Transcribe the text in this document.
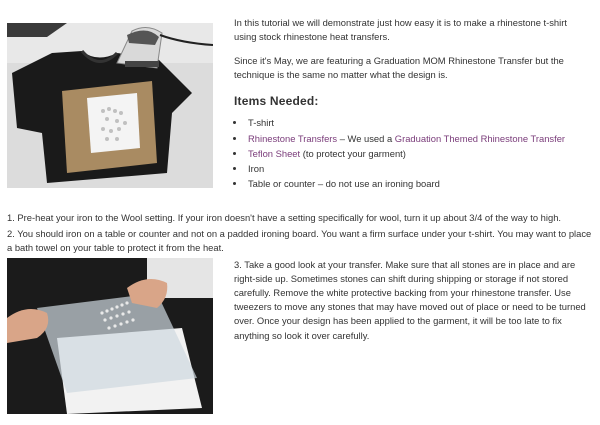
In this tutorial we will demonstrate just how easy it is to make a rhinestone t-shirt using stock rhinestone heat transfers.

Since it's May, we are featuring a Graduation MOM Rhinestone Transfer but the technique is the same no matter what the design is.

Items Needed:
• T-shirt
• Rhinestone Transfers – We used a Graduation Themed Rhinestone Transfer
• Teflon Sheet (to protect your garment)
• Iron
• Table or counter – do not use an ironing board

1. Pre-heat your iron to the Wool setting. If your iron doesn't have a setting specifically for wool, turn it up about 3/4 of the way to high.

2. You should iron on a table or counter and not on a padded ironing board. You want a firm surface under your t-shirt. You may want to place a bath towel on your table to protect it from the heat.

3. Take a good look at your transfer. Make sure that all stones are in place and are right-side up. Sometimes stones can shift during shipping or storage if not stored carefully. Remove the white protective backing from your rhinestone transfer. Use tweezers to move any stones that may have moved out of place or need to be turned over. Once your design has been applied to the garment, it will be too late to fix anything so look it over carefully.
